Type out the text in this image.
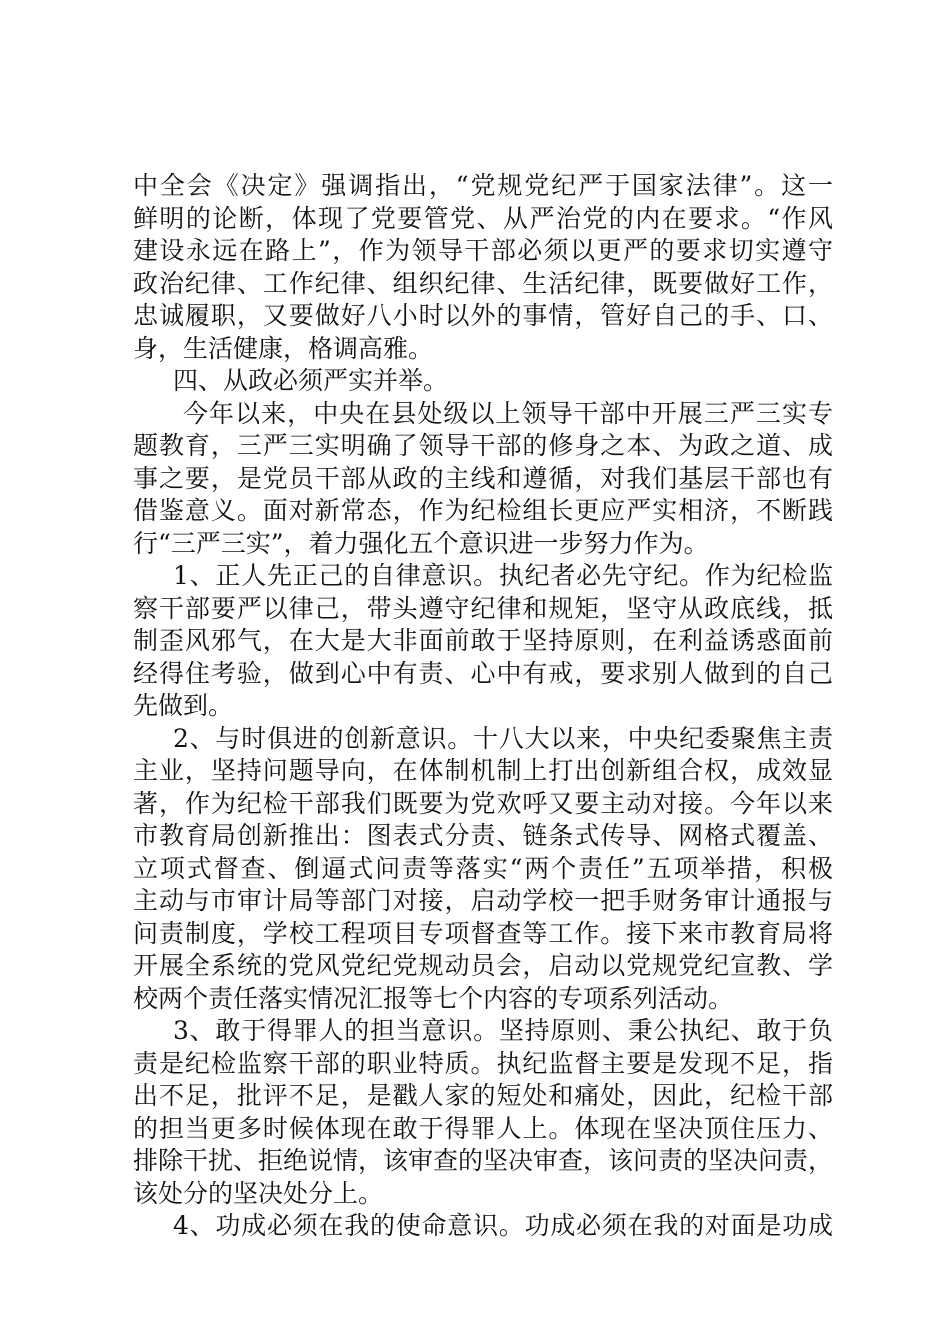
中全会《决定》强调指出，“党规党纪严于国家法律”。这一
鲜明的论断，体现了党要管党、从严治党的内在要求。“作风
建设永远在路上”，作为领导干部必须以更严的要求切实遵守
政治纪律、工作纪律、组织纪律、生活纪律，既要做好工作，
忠诚履职，又要做好八小时以外的事情，管好自己的手、口、
身，生活健康，格调高雅。
四、从政必须严实并举。
今年以来，中央在县处级以上领导干部中开展三严三实专
题教育，三严三实明确了领导干部的修身之本、为政之道、成
事之要，是党员干部从政的主线和遵循，对我们基层干部也有
借鉴意义。面对新常态，作为纪检组长更应严实相济，不断践
行“三严三实”，着力强化五个意识进一步努力作为。
1、正人先正己的自律意识。执纪者必先守纪。作为纪检监
察干部要严以律己，带头遵守纪律和规矩，坚守从政底线，抵
制歪风邪气，在大是大非面前敢于坚持原则，在利益诱惑面前
经得住考验，做到心中有责、心中有戒，要求别人做到的自己
先做到。
2、与时俱进的创新意识。十八大以来，中央纪委聚焦主责
主业，坚持问题导向，在体制机制上打出创新组合权，成效显
著，作为纪检干部我们既要为党欢呼又要主动对接。今年以来
市教育局创新推出：图表式分责、链条式传导、网格式覆盖、
立项式督查、倒逼式问责等落实“两个责任”五项举措，积极
主动与市审计局等部门对接，启动学校一把手财务审计通报与
问责制度，学校工程项目专项督查等工作。接下来市教育局将
开展全系统的党风党纪党规动员会，启动以党规党纪宣教、学
校两个责任落实情况汇报等七个内容的专项系列活动。
3、敢于得罪人的担当意识。坚持原则、秉公执纪、敢于负
责是纪检监察干部的职业特质。执纪监督主要是发现不足，指
出不足，批评不足，是戳人家的短处和痛处，因此，纪检干部
的担当更多时候体现在敢于得罪人上。体现在坚决顶住压力、
排除干扰、拒绝说情，该审查的坚决审查，该问责的坚决问责，
该处分的坚决处分上。
4、功成必须在我的使命意识。功成必须在我的对面是功成
